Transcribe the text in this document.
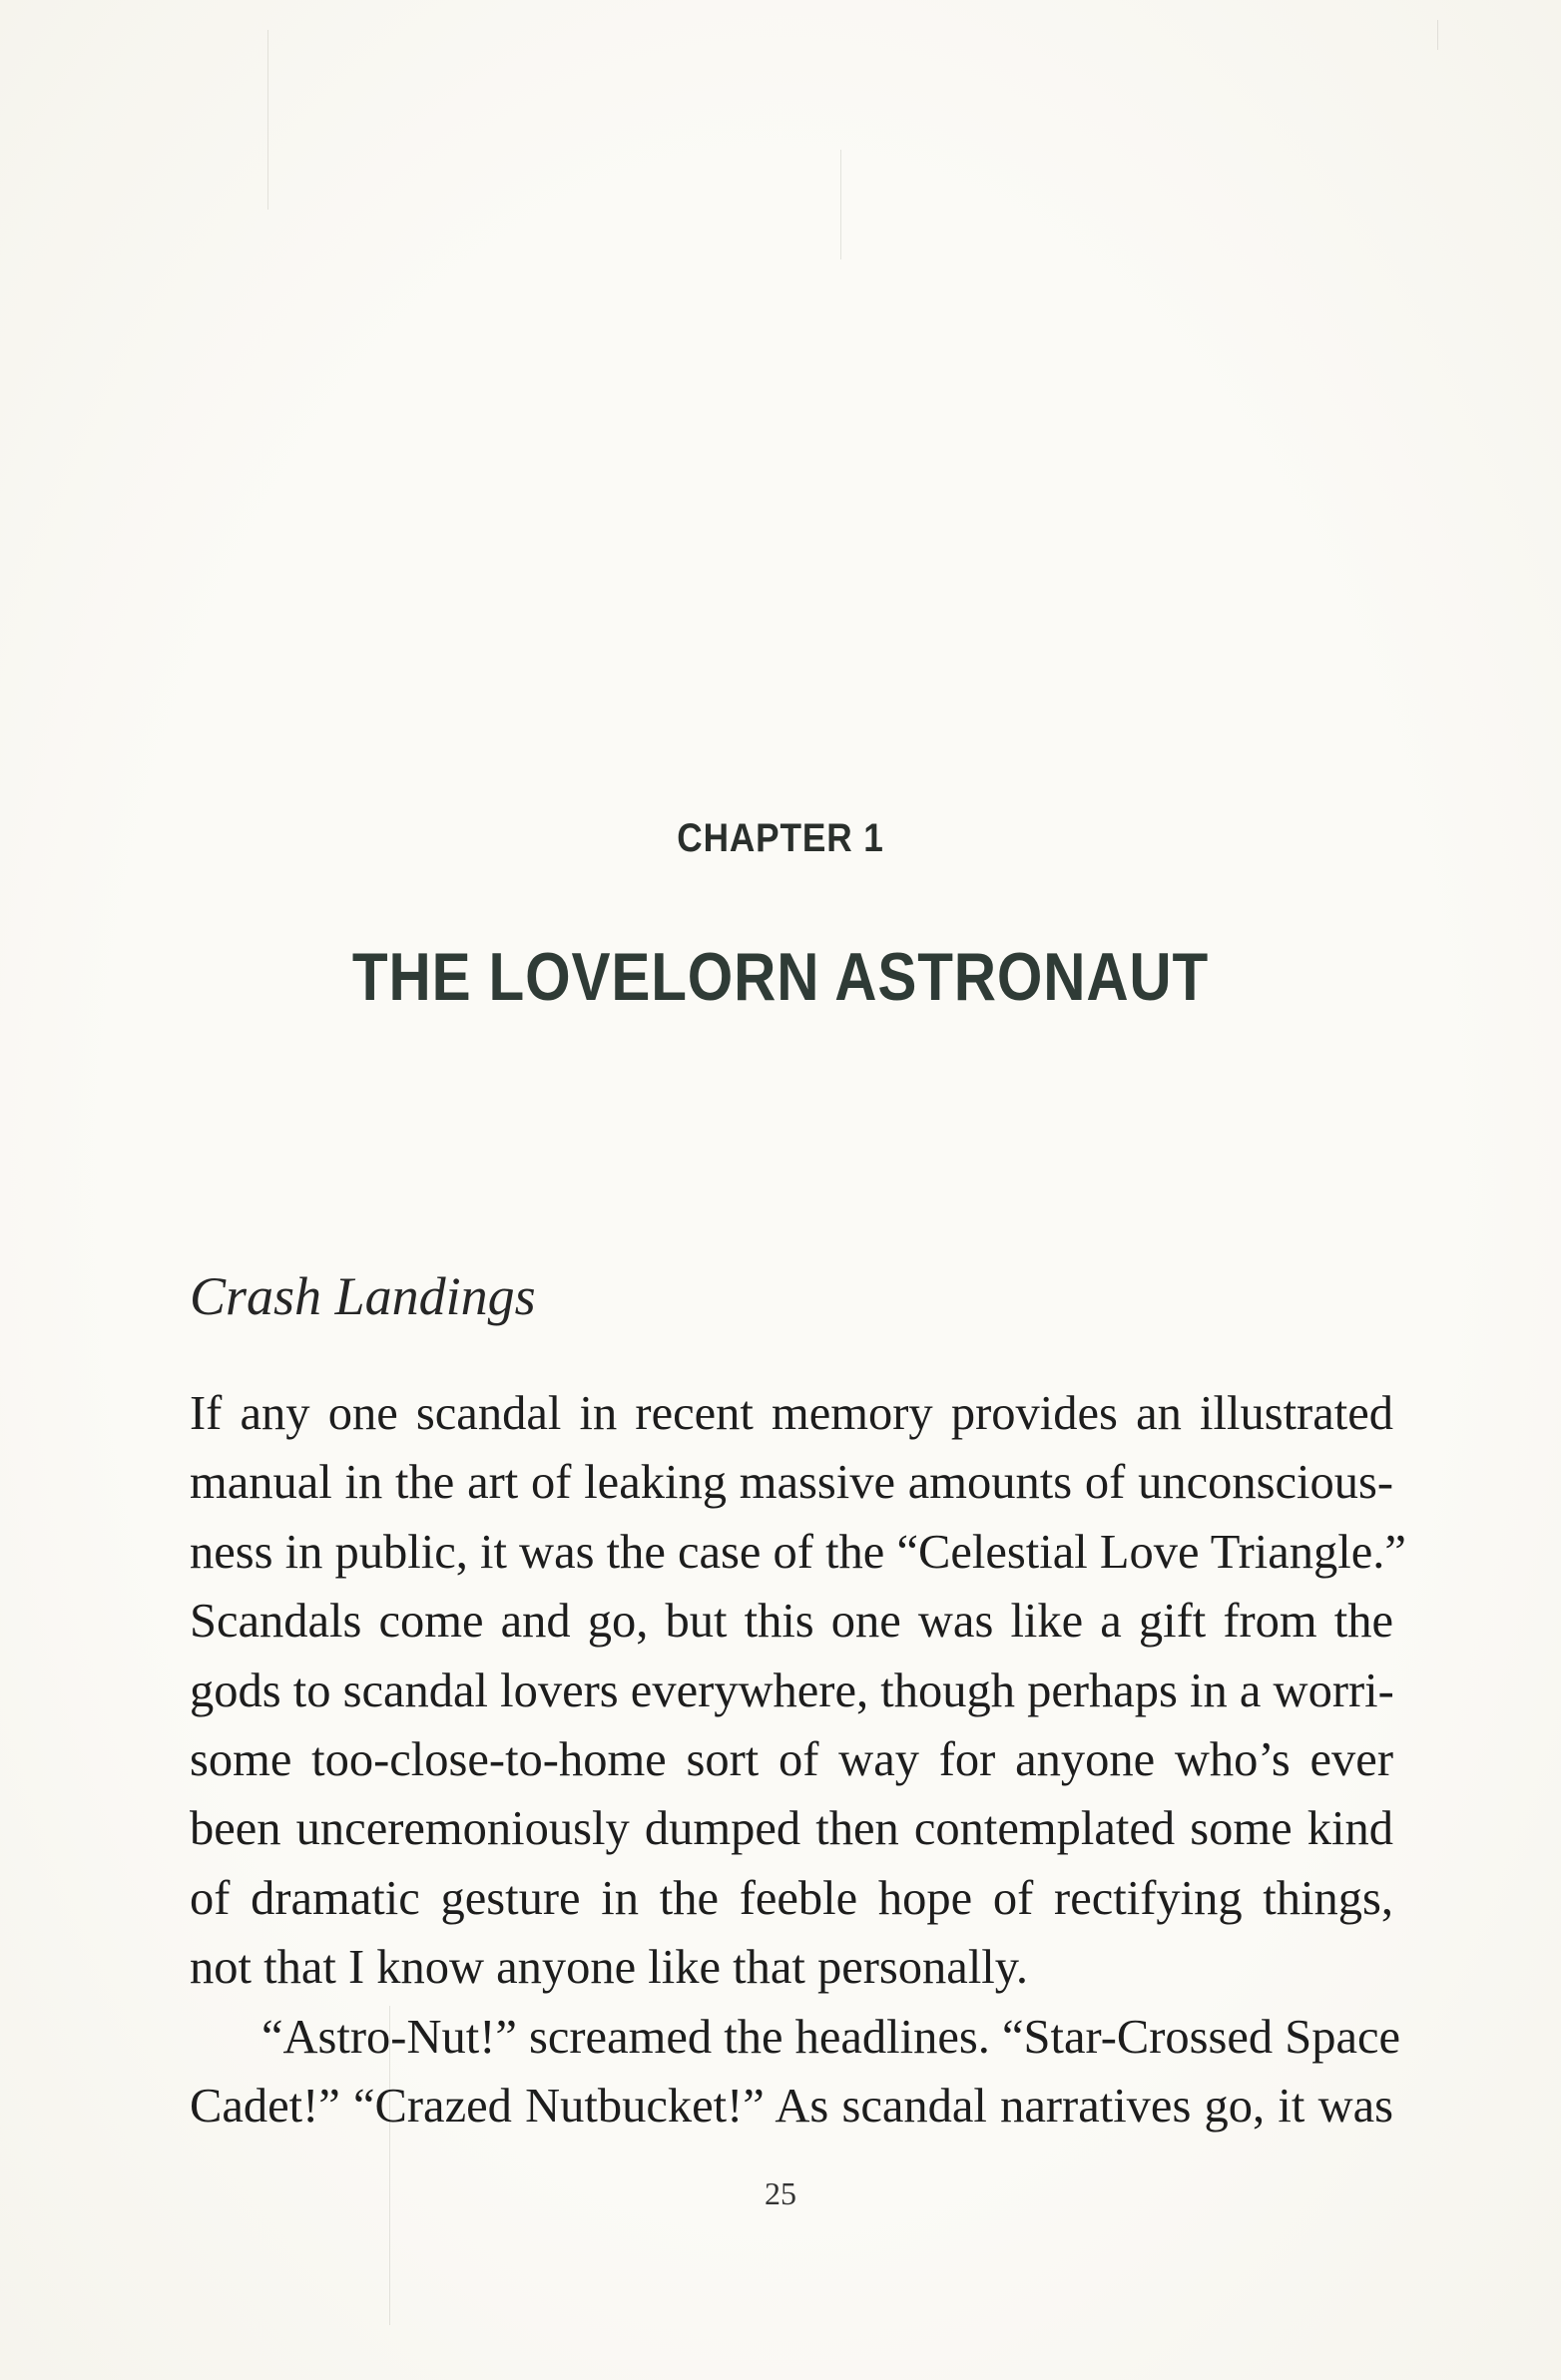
CHAPTER 1
THE LOVELORN ASTRONAUT
Crash Landings
If any one scandal in recent memory provides an illustrated
manual in the art of leaking massive amounts of unconscious-
ness in public, it was the case of the “Celestial Love Triangle.”
Scandals come and go, but this one was like a gift from the
gods to scandal lovers everywhere, though perhaps in a worri-
some too-close-to-home sort of way for anyone who’s ever
been unceremoniously dumped then contemplated some kind
of dramatic gesture in the feeble hope of rectifying things,
not that I know anyone like that personally.
“Astro-Nut!” screamed the headlines. “Star-Crossed Space
Cadet!” “Crazed Nutbucket!” As scandal narratives go, it was
25
